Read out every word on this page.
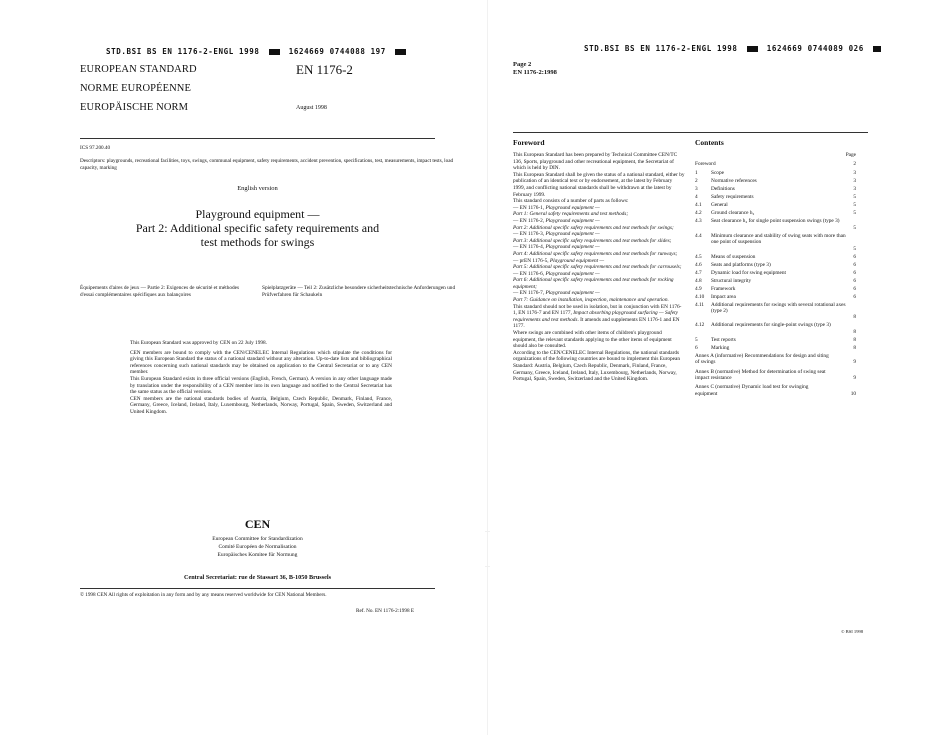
STD.BSI BS EN 1176-2-ENGL 1998	1624669 0744088 197
EUROPEAN STANDARD
NORME EUROPÉENNE
EUROPÄISCHE NORM
EN 1176-2
August 1998
ICS 97.200.40
Descriptors: playgrounds, recreational facilities, toys, swings, communal equipment, safety requirements, accident prevention, specifications, test, measurements, impact tests, load capacity, marking
English version
Playground equipment —
Part 2: Additional specific safety requirements and
test methods for swings
Équipements d'aires de jeux — Partie 2: Exigences de sécurité et méthodes d'essai complémentaires spécifiques aux balançoires
Spielplatzgeräte — Teil 2: Zusätzliche besondere sicherheitstechnische Anforderungen und Prüfverfahren für Schaukeln
This European Standard was approved by CEN on 22 July 1998.
CEN members are bound to comply with the CEN/CENELEC Internal Regulations which stipulate the conditions for giving this European Standard the status of a national standard without any alteration. Up-to-date lists and bibliographical references concerning such national standards may be obtained on application to the Central Secretariat or to any CEN member.
This European Standard exists in three official versions (English, French, German). A version in any other language made by translation under the responsibility of a CEN member into its own language and notified to the Central Secretariat has the same status as the official versions.
CEN members are the national standards bodies of Austria, Belgium, Czech Republic, Denmark, Finland, France, Germany, Greece, Iceland, Ireland, Italy, Luxembourg, Netherlands, Norway, Portugal, Spain, Sweden, Switzerland and United Kingdom.
CEN
European Committee for Standardization
Comité Européen de Normalisation
Europäisches Komitee für Normung
Central Secretariat: rue de Stassart 36, B-1050 Brussels
© 1998 CEN All rights of exploitation in any form and by any means reserved worldwide for CEN National Members.
Ref. No. EN 1176-2:1998 E
STD.BSI BS EN 1176-2-ENGL 1998	1624669 0744089 026
Page 2
EN 1176-2:1998
Foreword
This European Standard has been prepared by Technical Committee CEN/TC 136, Sports, playground and other recreational equipment, the Secretariat of which is held by DIN.
This European Standard shall be given the status of a national standard, either by publication of an identical text or by endorsement, at the latest by February 1999, and conflicting national standards shall be withdrawn at the latest by February 1999.
This standard consists of a number of parts as follows:
— EN 1176-1, Playground equipment —
Part 1: General safety requirements and test methods;
— EN 1176-2, Playground equipment —
Part 2: Additional specific safety requirements and test methods for swings;
— EN 1176-3, Playground equipment —
Part 3: Additional specific safety requirements and test methods for slides;
— EN 1176-4, Playground equipment —
Part 4: Additional specific safety requirements and test methods for runways;
— prEN 1176-5, Playground equipment —
Part 5: Additional specific safety requirements and test methods for carrousels;
— EN 1176-6, Playground equipment —
Part 6: Additional specific safety requirements and test methods for rocking equipment;
— EN 1176-7, Playground equipment —
Part 7: Guidance on installation, inspection, maintenance and operation.
This standard should not be used in isolation, but in conjunction with EN 1176-1, EN 1176-7 and EN 1177, Impact absorbing playground surfacing — Safety requirements and test methods. It amends and supplements EN 1176-1 and EN 1177.
Where swings are combined with other items of children's playground equipment, the relevant standards applying to the other items of equipment should also be consulted.
According to the CEN/CENELEC Internal Regulations, the national standards organizations of the following countries are bound to implement this European Standard: Austria, Belgium, Czech Republic, Denmark, Finland, France, Germany, Greece, Iceland, Ireland, Italy, Luxembourg, Netherlands, Norway, Portugal, Spain, Sweden, Switzerland and the United Kingdom.
Contents
Page
Foreword	2
1	Scope	3
2	Normative references	3
3	Definitions	3
4	Safety requirements	5
4.1 General	5
4.2 Ground clearance h₂	5
4.3 Seat clearance h₄ for single point suspension swings (type 3)
5
4.4 Minimum clearance and stability of swing seats with more than one point of suspension
5
4.5 Means of suspension	6
4.6 Seats and platforms (type 3)	6
4.7 Dynamic load for swing equipment	6
4.8 Structural integrity	6
4.9 Framework	6
4.10 Impact area	6
4.11 Additional requirements for swings with several rotational axes (type 2)
8
4.12 Additional requirements for single-point swings (type 3)
8
5	Test reports	8
6	Marking	8
Annex A (informative) Recommendations for design and siting of swings	9
Annex B (normative) Method for determination of swing seat impact resistance	9
Annex C (normative) Dynamic load test for swinging equipment	10
© BSI 1998
